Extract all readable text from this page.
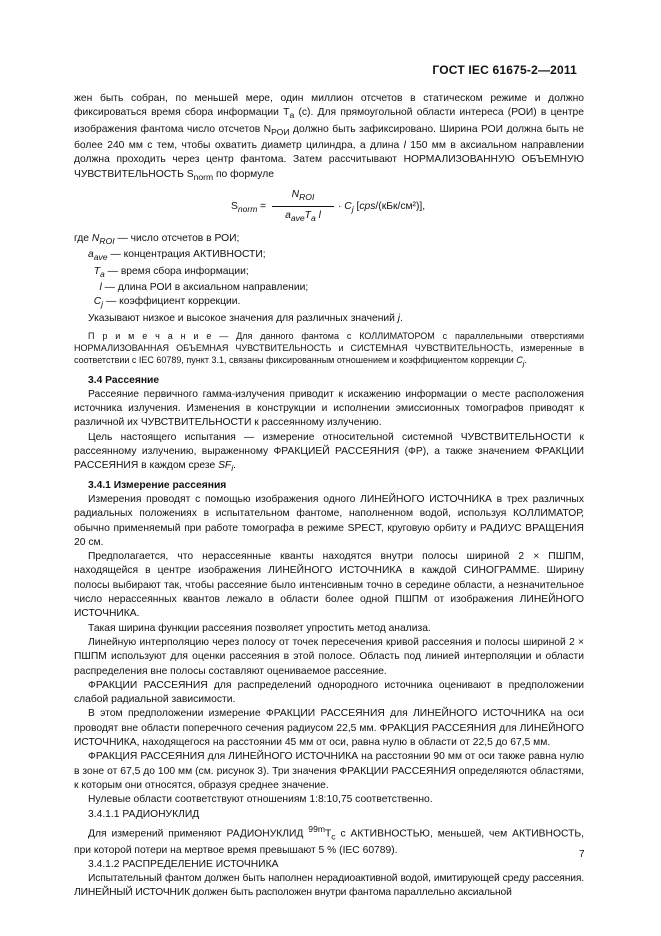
ГОСТ IEC 61675-2—2011

жен быть собран, по меньшей мере, один миллион отсчетов в статическом режиме и должно фиксироваться время сбора информации $T_a$ (с). Для прямоугольной области интереса (РОИ) в центре изображения фантома число отсчетов $N_{РОИ}$ должно быть зафиксировано. Ширина РОИ должна быть не более 240 мм с тем, чтобы охватить диаметр цилиндра, а длина l 150 мм в аксиальном направлении должна проходить через центр фантома. Затем рассчитывают НОРМАЛИЗОВАННУЮ ОБЪЕМНУЮ ЧУВСТВИТЕЛЬНОСТЬ $S_{norm}$ по формуле

$S_{norm}$ =
$N_{ROI}$
$a_{ave}T_a$ l
· $C_j$ [cps/(кБк/см²)],

где $N_{ROI}$ — число отсчетов в РОИ;

$a_{ave}$ — концентрация АКТИВНОСТИ;

$T_a$ — время сбора информации;

l — длина РОИ в аксиальном направлении;

$C_j$ — коэффициент коррекции.

Указывают низкое и высокое значения для различных значений j.

П р и м е ч а н и е — Для данного фантома с КОЛЛИМАТОРОМ с параллельными отверстиями НОРМАЛИЗОВАННАЯ ОБЪЕМНАЯ ЧУВСТВИТЕЛЬНОСТЬ и СИСТЕМНАЯ ЧУВСТВИТЕЛЬНОСТЬ, измеренные в соответствии с IEC 60789, пункт 3.1, связаны фиксированным отношением и коэффициентом коррекции $C_j$.

3.4 Рассеяние

Рассеяние первичного гамма-излучения приводит к искажению информации о месте расположения источника излучения. Изменения в конструкции и исполнении эмиссионных томографов приводят к различной их ЧУВСТВИТЕЛЬНОСТИ к рассеянному излучению.

Цель настоящего испытания — измерение относительной системной ЧУВСТВИТЕЛЬНОСТИ к рассеянному излучению, выраженному ФРАКЦИЕЙ РАССЕЯНИЯ (ФР), а также значением ФРАКЦИИ РАССЕЯНИЯ в каждом срезе $SF_i$.

3.4.1 Измерение рассеяния

Измерения проводят с помощью изображения одного ЛИНЕЙНОГО ИСТОЧНИКА в трех различных радиальных положениях в испытательном фантоме, наполненном водой, используя КОЛЛИМАТОР, обычно применяемый при работе томографа в режиме SPECT, круговую орбиту и РАДИУС ВРАЩЕНИЯ 20 см.

Предполагается, что нерассеянные кванты находятся внутри полосы шириной 2 × ПШПМ, находящейся в центре изображения ЛИНЕЙНОГО ИСТОЧНИКА в каждой СИНОГРАММЕ. Ширину полосы выбирают так, чтобы рассеяние было интенсивным точно в середине области, а незначительное число нерассеянных квантов лежало в области более одной ПШПМ от изображения ЛИНЕЙНОГО ИСТОЧНИКА.

Такая ширина функции рассеяния позволяет упростить метод анализа.

Линейную интерполяцию через полосу от точек пересечения кривой рассеяния и полосы шириной 2 × ПШПМ используют для оценки рассеяния в этой полосе. Область под линией интерполяции и области распределения вне полосы составляют оцениваемое рассеяние.

ФРАКЦИИ РАССЕЯНИЯ для распределений однородного источника оценивают в предположении слабой радиальной зависимости.

В этом предположении измерение ФРАКЦИИ РАССЕЯНИЯ для ЛИНЕЙНОГО ИСТОЧНИКА на оси проводят вне области поперечного сечения радиусом 22,5 мм. ФРАКЦИЯ РАССЕЯНИЯ для ЛИНЕЙНОГО ИСТОЧНИКА, находящегося на расстоянии 45 мм от оси, равна нулю в области от 22,5 до 67,5 мм.

ФРАКЦИЯ РАССЕЯНИЯ для ЛИНЕЙНОГО ИСТОЧНИКА на расстоянии 90 мм от оси также равна нулю в зоне от 67,5 до 100 мм (см. рисунок 3). Три значения ФРАКЦИИ РАССЕЯНИЯ определяются областями, к которым они относятся, образуя среднее значение.

Нулевые области соответствуют отношениям 1:8:10,75 соответственно.

3.4.1.1 РАДИОНУКЛИД

Для измерений применяют РАДИОНУКЛИД $^{99m}T_c$ с АКТИВНОСТЬЮ, меньшей, чем АКТИВНОСТЬ, при которой потери на мертвое время превышают 5 % (IEC 60789).

3.4.1.2 РАСПРЕДЕЛЕНИЕ ИСТОЧНИКА

Испытательный фантом должен быть наполнен нерадиоактивной водой, имитирующей среду рассеяния. ЛИНЕЙНЫЙ ИСТОЧНИК должен быть расположен внутри фантома параллельно аксиальной

7
